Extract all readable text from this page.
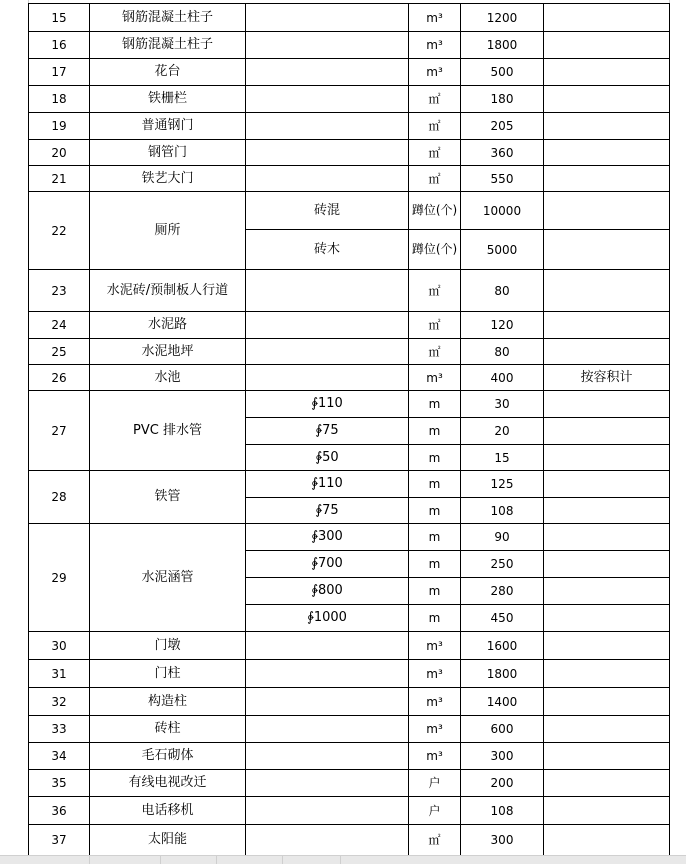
15	钢筋混凝土柱子		m³	1200	
16	钢筋混凝土柱子		m³	1800	
17	花台		m³	500	
18	铁栅栏		㎡	180	
19	普通钢门		㎡	205	
20	钢管门		㎡	360	
21	铁艺大门		㎡	550	
22	厕所	砖混	蹲位(个)	10000	
		砖木	蹲位(个)	5000	
23	水泥砖/预制板人行道		㎡	80	
24	水泥路		㎡	120	
25	水泥地坪		㎡	80	
26	水池		m³	400	按容积计
27	PVC 排水管	∲110	m	30	
		∲75	m	20	
		∲50	m	15	
28	铁管	∲110	m	125	
		∲75	m	108	
29	水泥涵管	∲300	m	90	
		∲700	m	250	
		∲800	m	280	
		∲1000	m	450	
30	门墩		m³	1600	
31	门柱		m³	1800	
32	构造柱		m³	1400	
33	砖柱		m³	600	
34	毛石砌体		m³	300	
35	有线电视改迁		户	200	
36	电话移机		户	108	
37	太阳能		㎡	300	
